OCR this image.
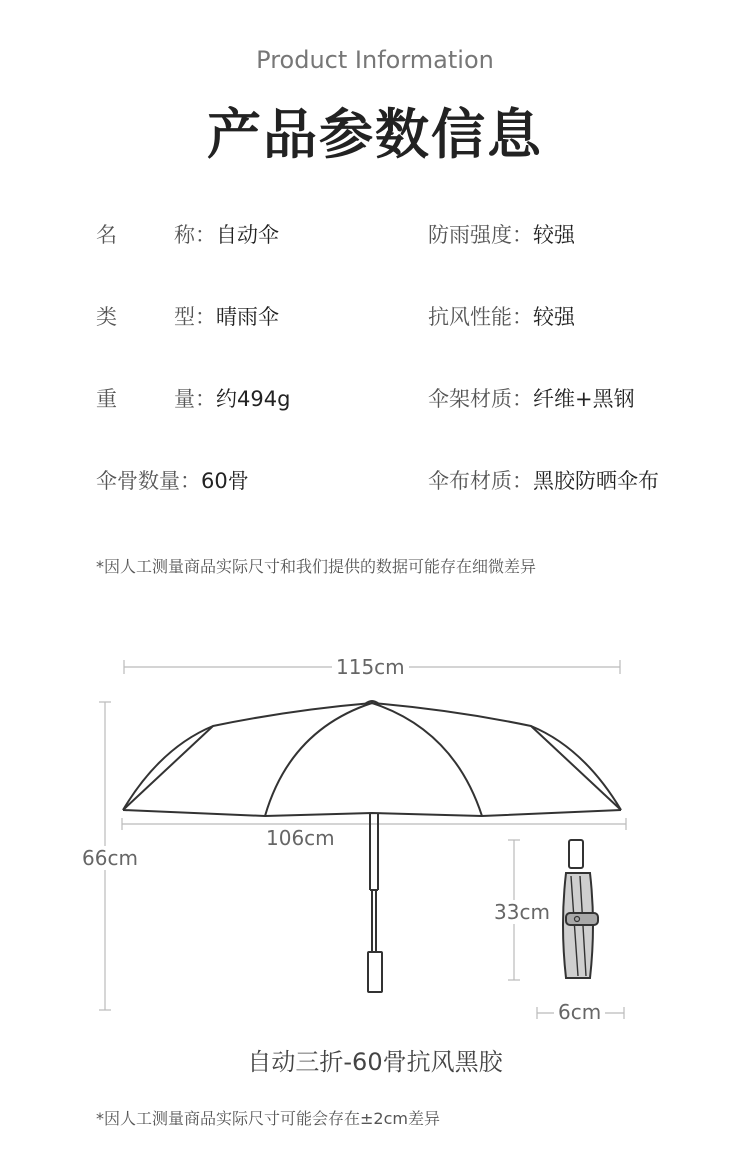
Product Information
产品参数信息
名	称： 自动伞	防雨强度：较强
类	型： 晴雨伞	抗风性能：较强
重	量： 约494g	伞架材质：纤维+黑钢
伞骨数量：60骨	伞布材质：黑胶防晒伞布
*因人工测量商品实际尺寸和我们提供的数据可能存在细微差异
115cm
106cm
66cm
33cm
6cm
自动三折-60骨抗风黑胶
*因人工测量商品实际尺寸可能会存在±2cm差异
